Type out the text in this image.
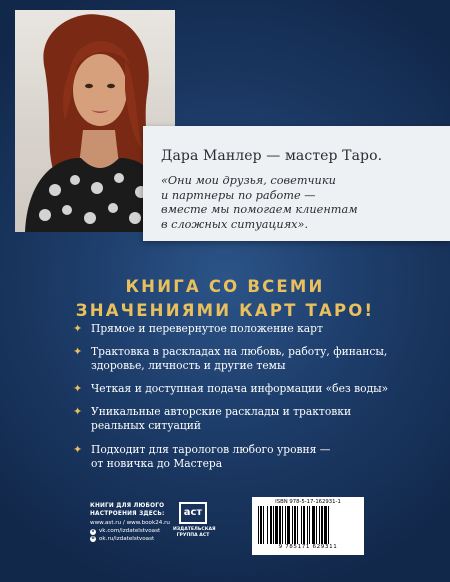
Дара Манлер — мастер Таро.

«Они мои друзья, советчики
и партнеры по работе —
вместе мы помогаем клиентам
в сложных ситуациях».

КНИГА СО ВСЕМИ
ЗНАЧЕНИЯМИ КАРТ ТАРО!
✦ Прямое и перевернутое положение карт
✦ Трактовка в раскладах на любовь, работу, финансы,
здоровье, личность и другие темы
✦ Четкая и доступная подача информации «без воды»
✦ Уникальные авторские расклады и трактовки
реальных ситуаций
✦ Подходит для тарологов любого уровня —
от новичка до Мастера
КНИГИ ДЛЯ ЛЮБОГО
НАСТРОЕНИЯ ЗДЕСЬ:
www.ast.ru / www.book24.ru
v vk.com/izdatelstvoast
o ok.ru/izdatelstvoast
аст
ИЗДАТЕЛЬСКАЯ
ГРУППА АСТ
ISBN 978-5-17-162931-1
9 785171 629311
